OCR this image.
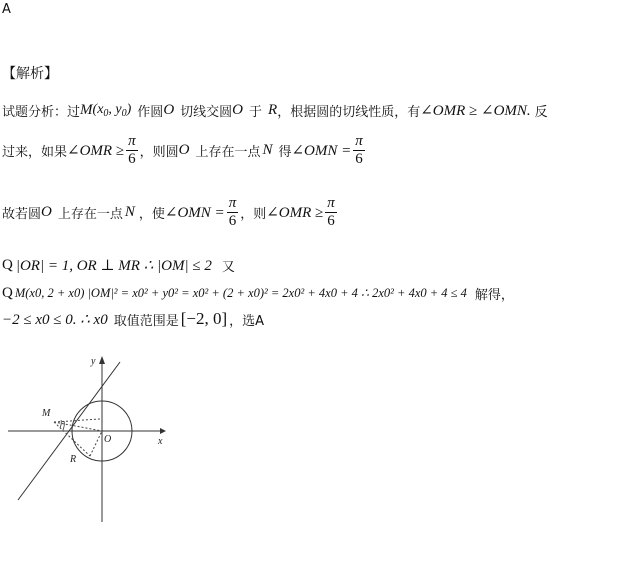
A
【解析】
试题分析：过 M ($x_0$, $y_0$) 作圆 O 切线交圆 O 于 R ，根据圆的切线性质，有 ∠OMR ≥ ∠OMN. 反
过来，如果 ∠OMR ≥ $\frac{\pi}{6}$ ，则圆 O 上存在一点 N 得 ∠OMN = $\frac{\pi}{6}$
故若圆 O 上存在一点 N ，使 ∠OMN = $\frac{\pi}{6}$ ，则 ∠OMR ≥ $\frac{\pi}{6}$
Q |OR| = 1, OR ⊥ MR ∴ |OM| ≤ 2 又
Q M(x0, 2 + x0) |OM|² = x0² + y0² = x0² + (2 + x0)² = 2x0² + 4x0 + 4 ∴ 2x0² + 4x0 + 4 ≤ 4 解得，
−2 ≤ x0 ≤ 0. ∴ x0 取值范围是 [−2, 0] ，选A
M
O
R
x
y
